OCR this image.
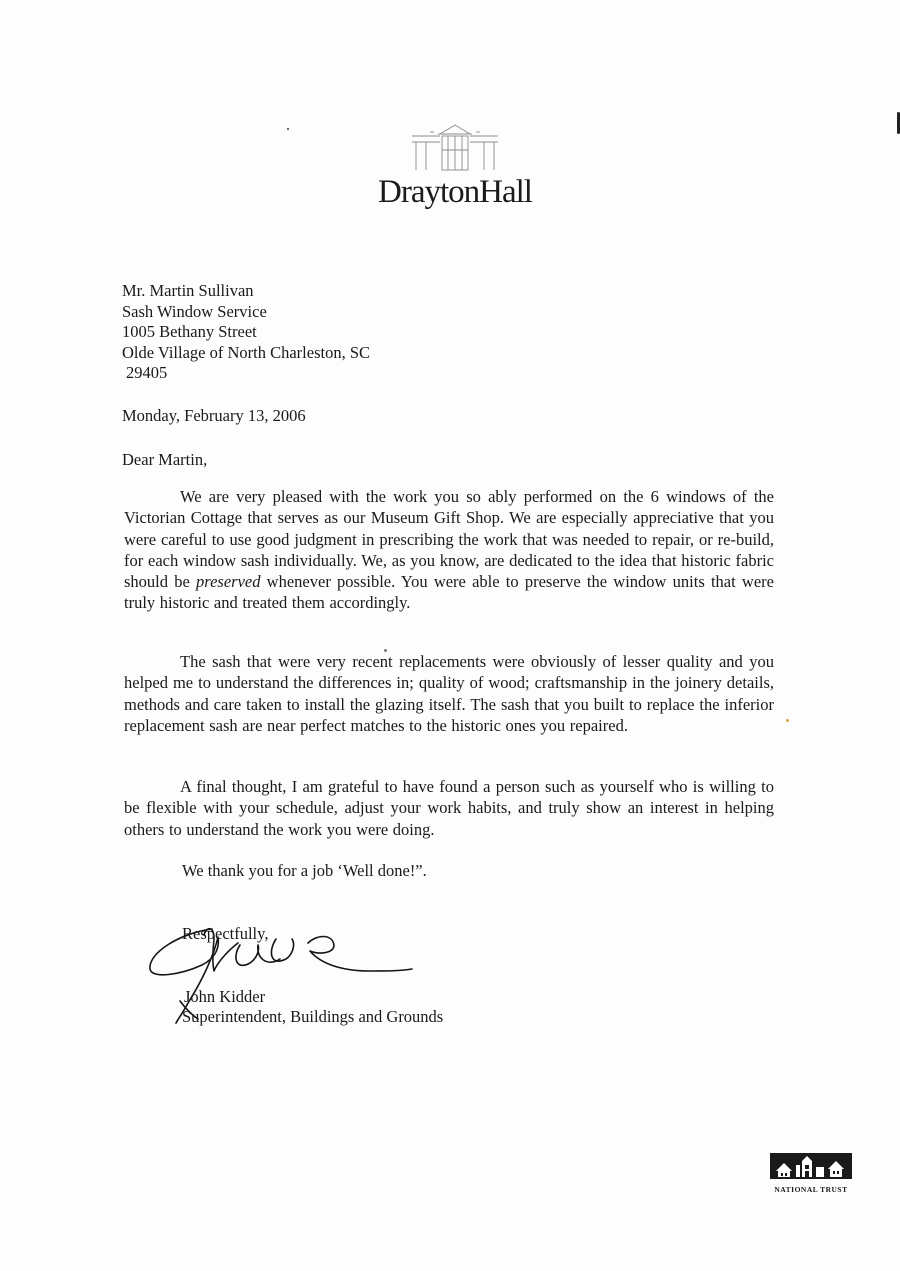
DraytonHall
Mr. Martin Sullivan
Sash Window Service
1005 Bethany Street
Olde Village of North Charleston, SC
29405
Monday, February 13, 2006
Dear Martin,
We are very pleased with the work you so ably performed on the 6 windows of the Victorian Cottage that serves as our Museum Gift Shop. We are especially appreciative that you were careful to use good judgment in prescribing the work that was needed to repair, or re-build, for each window sash individually. We, as you know, are dedicated to the idea that historic fabric should be preserved whenever possible. You were able to preserve the window units that were truly historic and treated them accordingly.
The sash that were very recent replacements were obviously of lesser quality and you helped me to understand the differences in; quality of wood; craftsmanship in the joinery details, methods and care taken to install the glazing itself. The sash that you built to replace the inferior replacement sash are near perfect matches to the historic ones you repaired.
A final thought, I am grateful to have found a person such as yourself who is willing to be flexible with your schedule, adjust your work habits, and truly show an interest in helping others to understand the work you were doing.
We thank you for a job ‘Well done!”.
Respectfully,
John Kidder
Superintendent, Buildings and Grounds
NATIONAL TRUST
